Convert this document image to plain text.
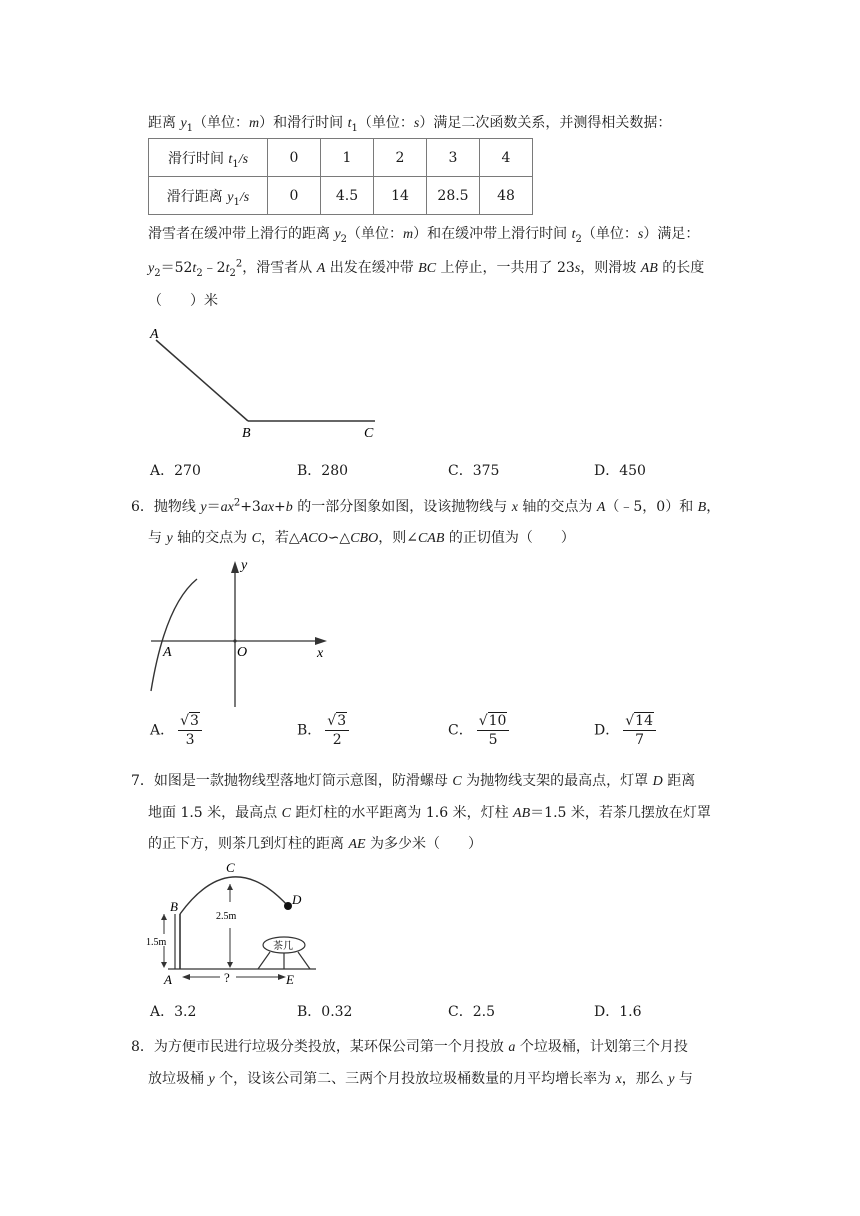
距离 $y_1$（单位：m）和滑行时间 $t_1$（单位：s）满足二次函数关系，并测得相关数据：
滑行时间 $t_1/s$	0	1	2	3	4
滑行距离 $y_1/s$	0	4.5	14	28.5	48
滑雪者在缓冲带上滑行的距离 $y_2$（单位：m）和在缓冲带上滑行时间 $t_2$（单位：s）满足：
$y_2=52t_2﹣2t_2^2$，滑雪者从 A 出发在缓冲带 BC 上停止，一共用了 23s，则滑坡 AB 的长度
（　　）米
A
B	C
A．270	B．280	C．375	D．450
6．抛物线 $y=ax^2+3ax+b$ 的一部分图象如图，设该抛物线与 x 轴的交点为 A（﹣5，0）和 B，
与 y 轴的交点为 C，若△ACO∽△CBO，则∠CAB 的正切值为（　　）
y
x
O
A
A． $\frac{√3}{3}$	B． $\frac{√3}{2}$	C． $\frac{√10}{5}$	D． $\frac{√14}{7}$
7．如图是一款抛物线型落地灯筒示意图，防滑螺母 C 为抛物线支架的最高点，灯罩 D 距离
地面 1.5 米，最高点 C 距灯柱的水平距离为 1.6 米，灯柱 AB＝1.5 米，若茶几摆放在灯罩
的正下方，则茶几到灯柱的距离 AE 为多少米（　　）
茶几
C
B	D
A	E
1.5m
2.5m
?
A．3.2	B．0.32	C．2.5	D．1.6
8．为方便市民进行垃圾分类投放，某环保公司第一个月投放 a 个垃圾桶，计划第三个月投
放垃圾桶 y 个，设该公司第二、三两个月投放垃圾桶数量的月平均增长率为 x，那么 y 与
